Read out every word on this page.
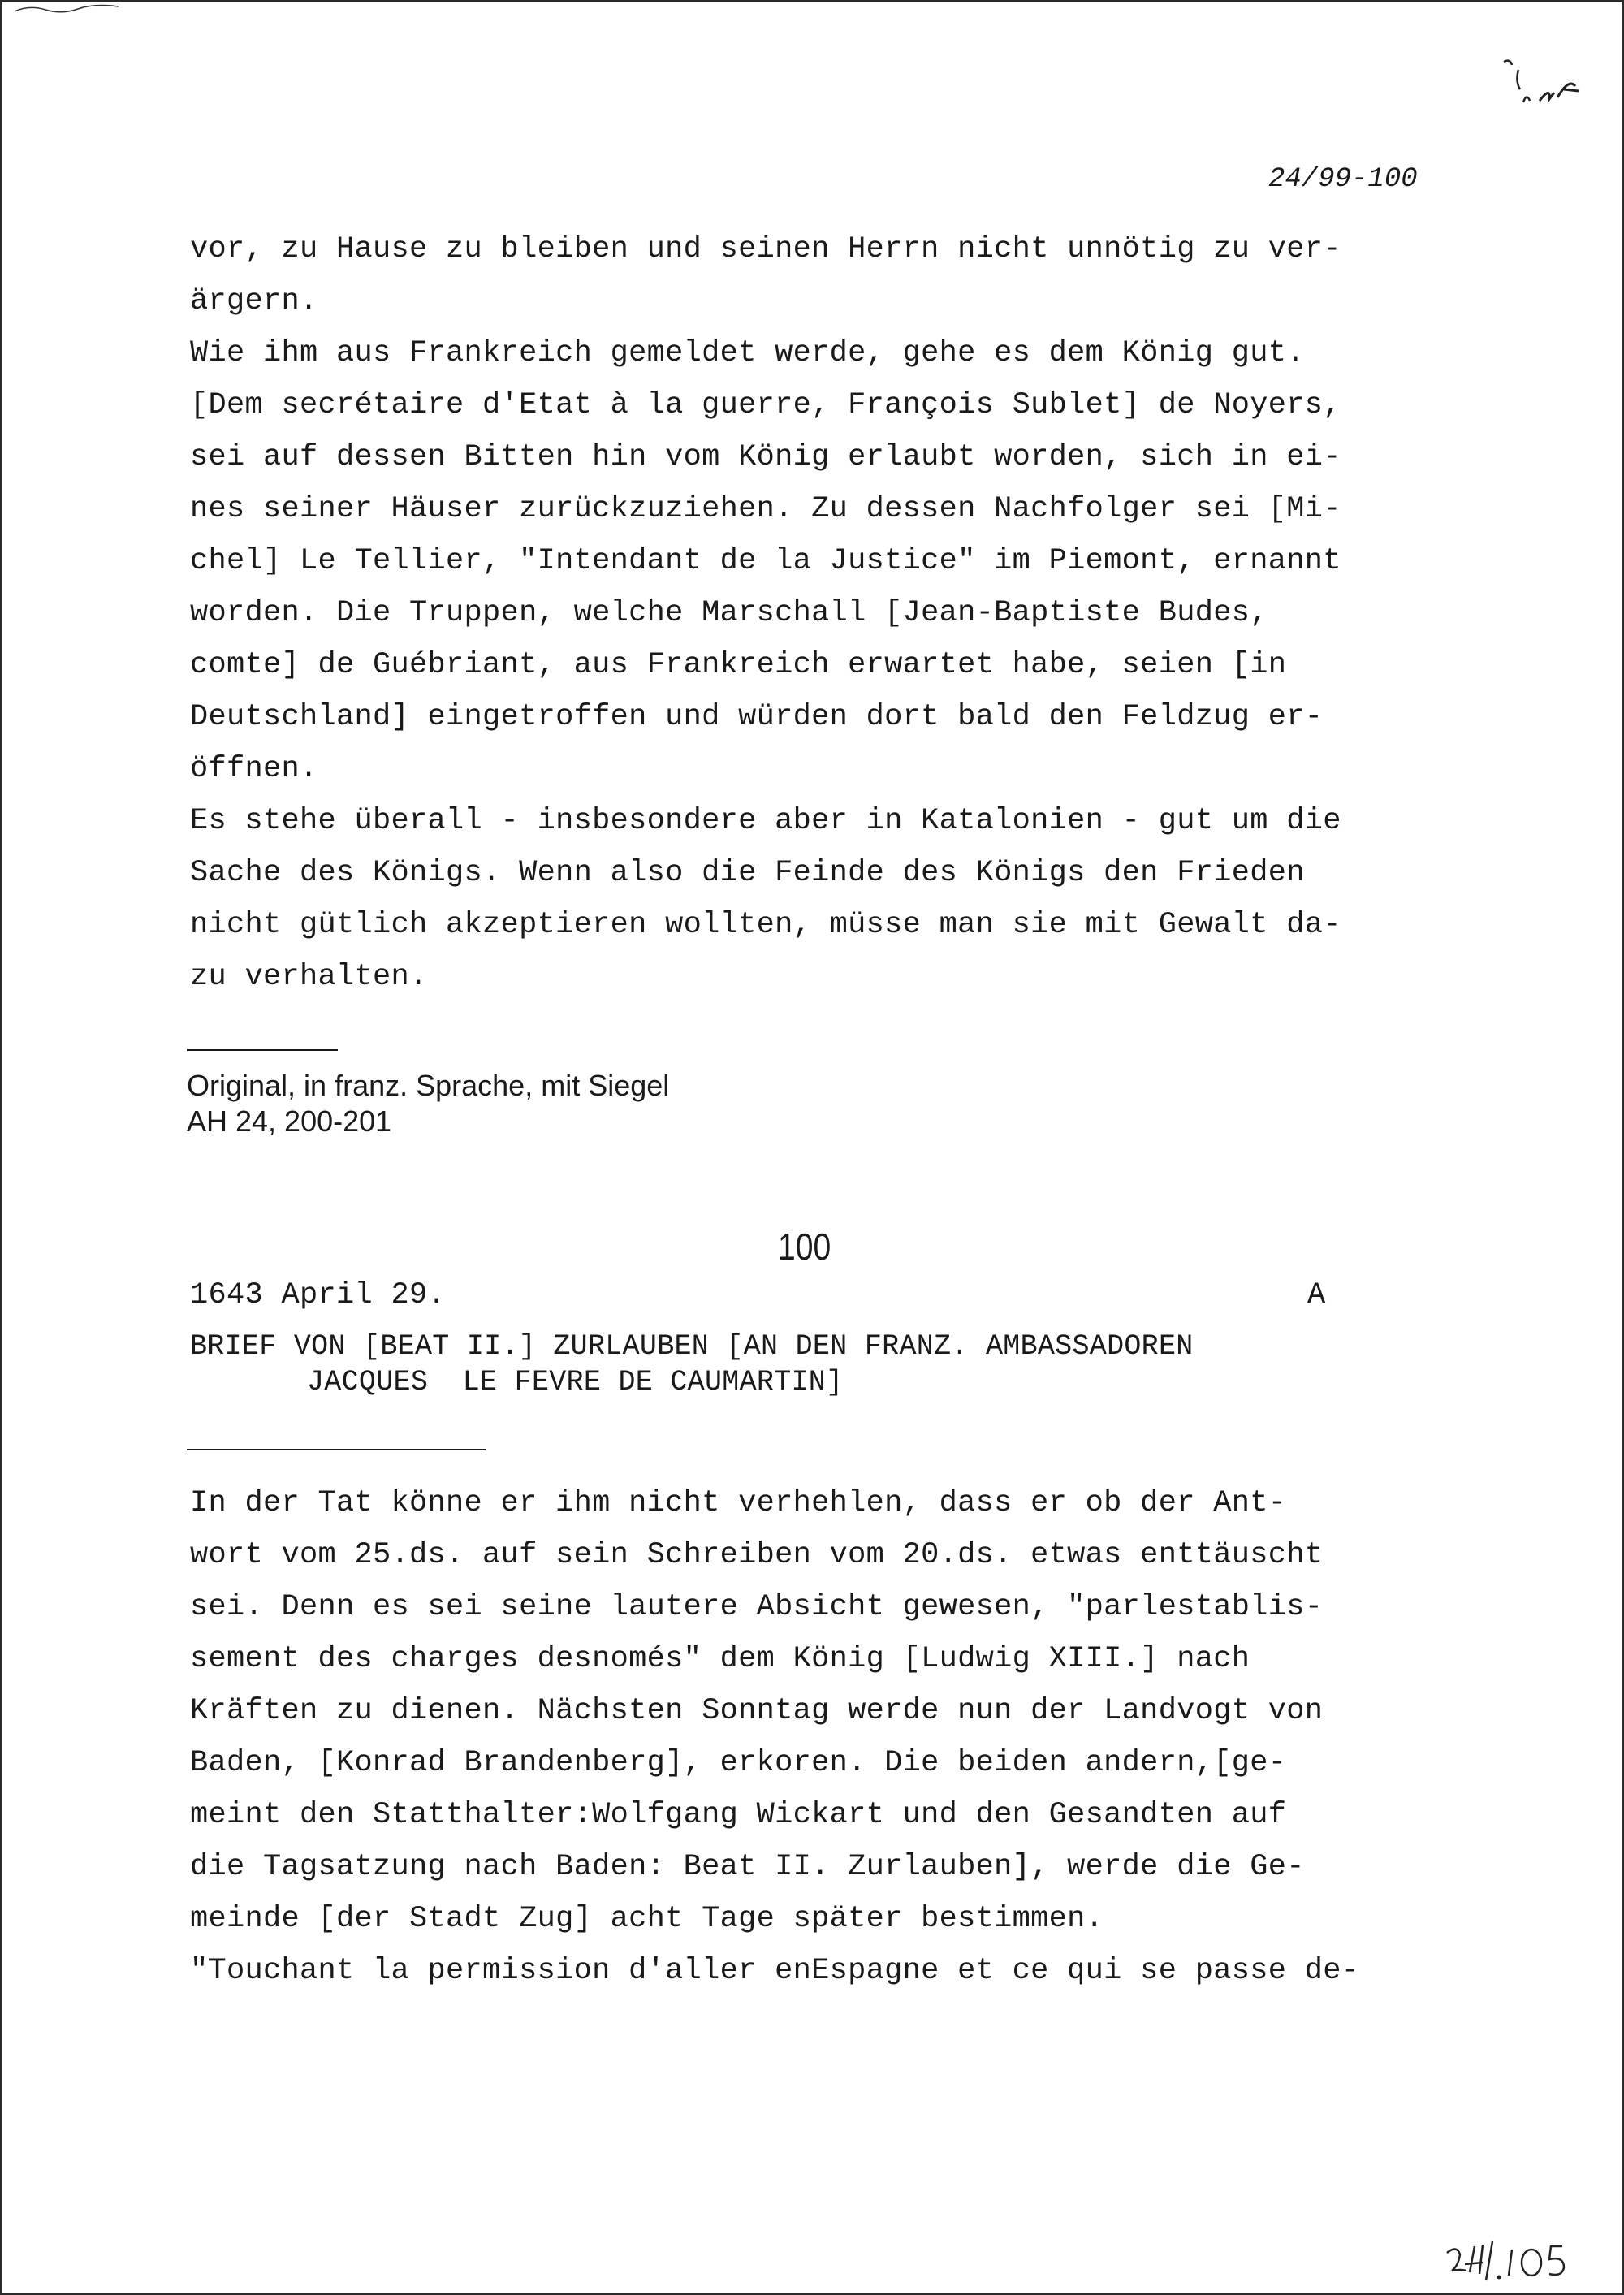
24/99-100
vor, zu Hause zu bleiben und seinen Herrn nicht unnötig zu ver-
ärgern.
Wie ihm aus Frankreich gemeldet werde, gehe es dem König gut.
[Dem secrétaire d'Etat à la guerre, François Sublet] de Noyers,
sei auf dessen Bitten hin vom König erlaubt worden, sich in ei-
nes seiner Häuser zurückzuziehen. Zu dessen Nachfolger sei [Mi-
chel] Le Tellier, "Intendant de la Justice" im Piemont, ernannt
worden. Die Truppen, welche Marschall [Jean-Baptiste Budes,
comte] de Guébriant, aus Frankreich erwartet habe, seien [in
Deutschland] eingetroffen und würden dort bald den Feldzug er-
öffnen.
Es stehe überall - insbesondere aber in Katalonien - gut um die
Sache des Königs. Wenn also die Feinde des Königs den Frieden
nicht gütlich akzeptieren wollten, müsse man sie mit Gewalt da-
zu verhalten.
Original, in franz. Sprache, mit Siegel
AH 24, 200-201
100
1643 April 29.	A
BRIEF VON [BEAT II.] ZURLAUBEN [AN DEN FRANZ. AMBASSADOREN
JACQUES  LE FEVRE DE CAUMARTIN]
In der Tat könne er ihm nicht verhehlen, dass er ob der Ant-
wort vom 25.ds. auf sein Schreiben vom 20.ds. etwas enttäuscht
sei. Denn es sei seine lautere Absicht gewesen, "parlestablis-
sement des charges desnomés" dem König [Ludwig XIII.] nach
Kräften zu dienen. Nächsten Sonntag werde nun der Landvogt von
Baden, [Konrad Brandenberg], erkoren. Die beiden andern,[ge-
meint den Statthalter:Wolfgang Wickart und den Gesandten auf
die Tagsatzung nach Baden: Beat II. Zurlauben], werde die Ge-
meinde [der Stadt Zug] acht Tage später bestimmen.
"Touchant la permission d'aller enEspagne et ce qui se passe de-
